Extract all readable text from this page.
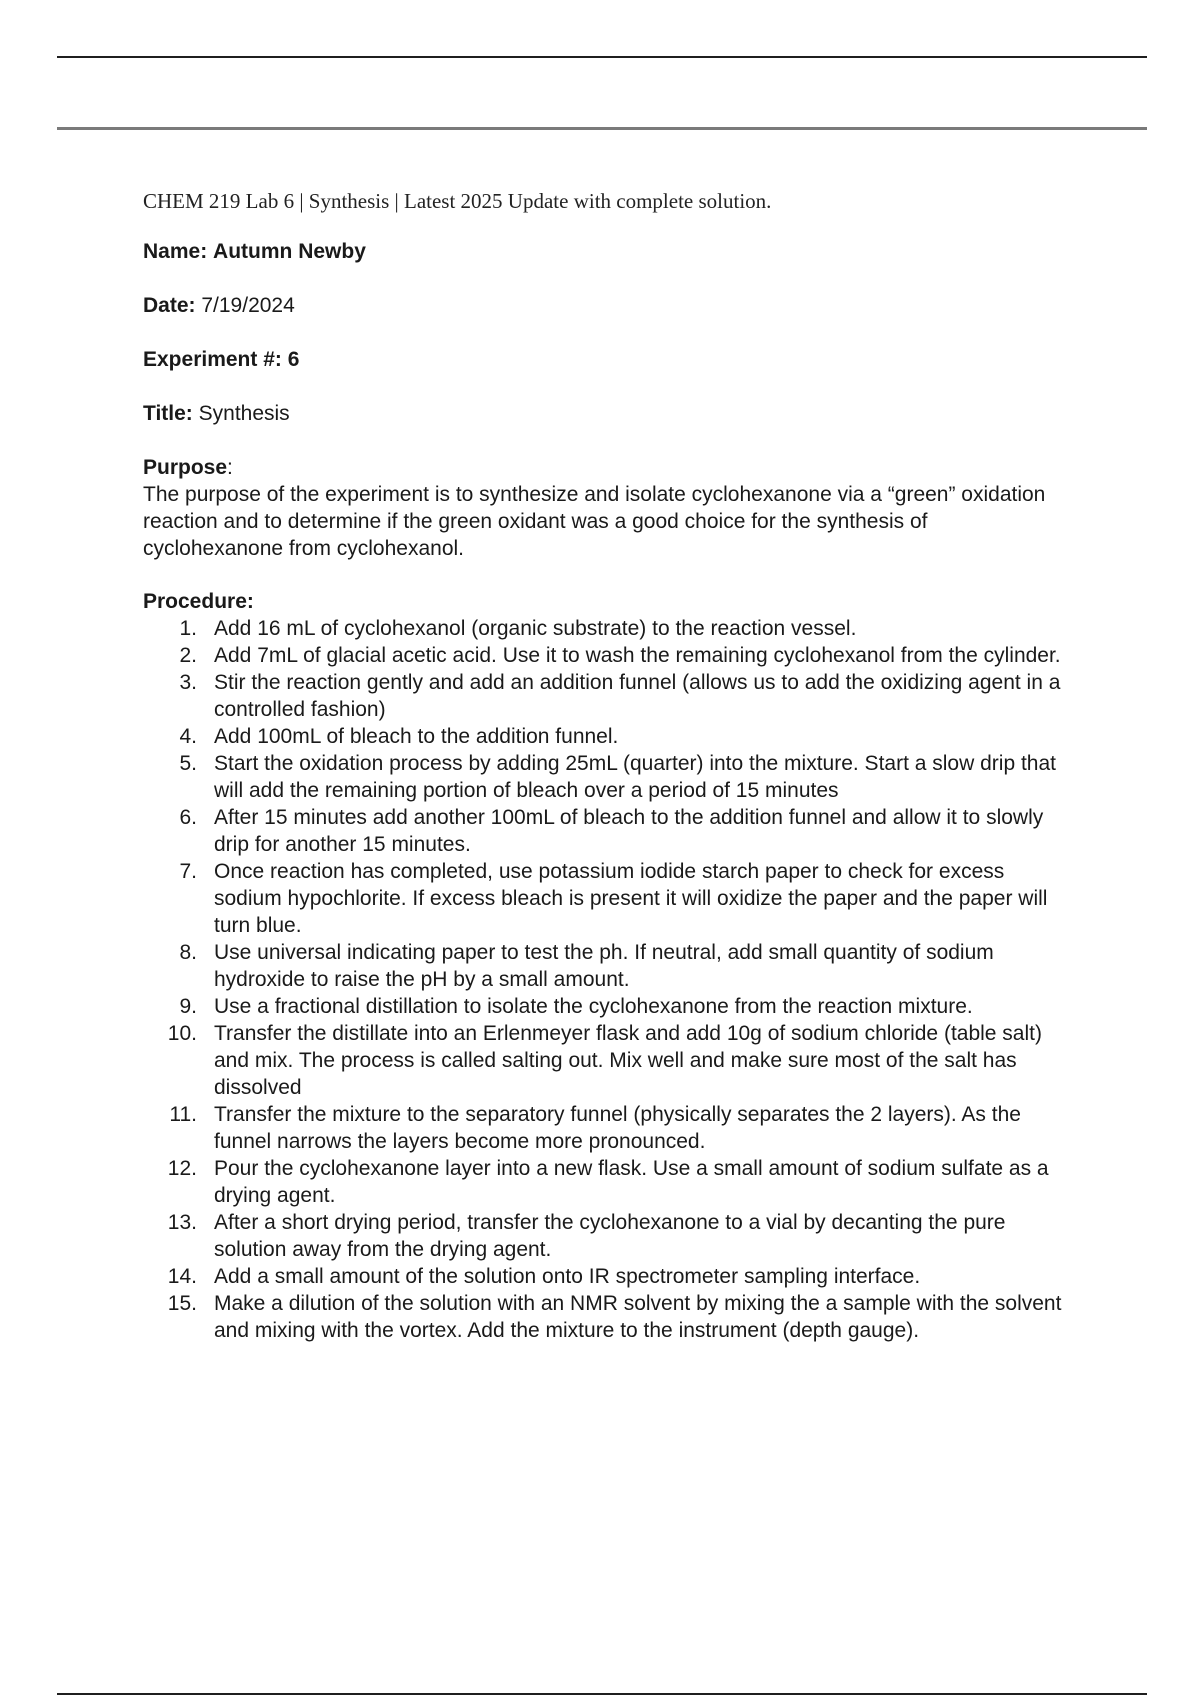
CHEM 219 Lab 6 | Synthesis | Latest 2025 Update with complete solution.

Name: Autumn Newby

Date: 7/19/2024

Experiment #: 6

Title: Synthesis

Purpose:

The purpose of the experiment is to synthesize and isolate cyclohexanone via a “green” oxidation reaction and to determine if the green oxidant was a good choice for the synthesis of cyclohexanone from cyclohexanol.

Procedure:

1. Add 16 mL of cyclohexanol (organic substrate) to the reaction vessel.
2. Add 7mL of glacial acetic acid. Use it to wash the remaining cyclohexanol from the cylinder.
3. Stir the reaction gently and add an addition funnel (allows us to add the oxidizing agent in a controlled fashion)
4. Add 100mL of bleach to the addition funnel.
5. Start the oxidation process by adding 25mL (quarter) into the mixture. Start a slow drip that will add the remaining portion of bleach over a period of 15 minutes
6. After 15 minutes add another 100mL of bleach to the addition funnel and allow it to slowly drip for another 15 minutes.
7. Once reaction has completed, use potassium iodide starch paper to check for excess sodium hypochlorite. If excess bleach is present it will oxidize the paper and the paper will turn blue.
8. Use universal indicating paper to test the ph. If neutral, add small quantity of sodium hydroxide to raise the pH by a small amount.
9. Use a fractional distillation to isolate the cyclohexanone from the reaction mixture.
10. Transfer the distillate into an Erlenmeyer flask and add 10g of sodium chloride (table salt) and mix. The process is called salting out. Mix well and make sure most of the salt has dissolved
11. Transfer the mixture to the separatory funnel (physically separates the 2 layers). As the funnel narrows the layers become more pronounced.
12. Pour the cyclohexanone layer into a new flask. Use a small amount of sodium sulfate as a drying agent.
13. After a short drying period, transfer the cyclohexanone to a vial by decanting the pure solution away from the drying agent.
14. Add a small amount of the solution onto IR spectrometer sampling interface.
15. Make a dilution of the solution with an NMR solvent by mixing the a sample with the solvent and mixing with the vortex. Add the mixture to the instrument (depth gauge).
